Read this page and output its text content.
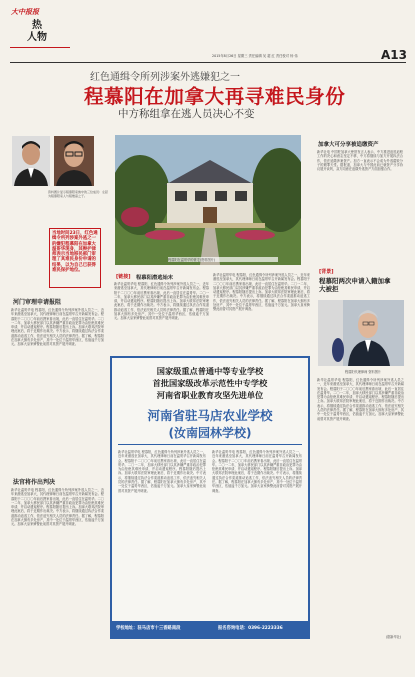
大中报报
热
人物
2015年8月26日 星期三 责任编辑 吴 超 红 责任校对 杨 伟	A13
红色通缉令所列涉案外逃嫌犯之一
程慕阳在加拿大再寻难民身份
中方称组拿在逃人员决心不变
资料图片显示程慕阳家族中的三位成员：左起为程慕阳家人与程维高之子。
当地时间23日，红色通缉令所列涉案外逃之一的嫌犯程慕阳在加拿大温哥华现身，其辩护律师表示当地移民部门审理了其难民身份申请的结果，以为自己已获得难民保护地位。
程慕阳在温哥华的豪宅(资料图片)
加拿大可分享被追缴资产
新华社电 中国驻加拿大使馆发言人表示，中方推进追逃追赃工作的决心和意志坚定不移，中方将继续与加方开展执法合作，依法追缴涉案资产。加方一直表示不会成为外逃腐败分子的避罪天堂。据报道，加拿大与中国此前已就资产分享协议展开谈判，双方同意在追缴外逃资产方面加强合作。
[背景]
程慕阳两次申请入籍加拿大被拒
程慕阳代理律师 资料图片
新华社温哥华电 程慕阳，红色通缉令所列涉案外逃人员之一，近年来潜逃至加拿大，其代理律师日前在温哥华召开新闻发布会。程慕阳于二〇〇〇年前后携家眷出境，此后一直居住在温哥华。二〇一二年，加拿大移民部门以其涉嫌严重非政治犯罪为由拒绝其难民申请，并启动遣返程序。程慕阳随后提出上诉。加拿大联邦法院审理此案后，将于近期作出裁决。中方表示，将继续通过执法合作渠道推动追逃工作，依法追究相关人员的法律责任。据了解，程慕阳在加拿大拥有多处房产，其中一处位于温哥华西区，估值逾千万加元。加拿大皇家骑警此前曾对其资产展开调查。
(据新华社)
河门审理申请报阻
新华社温哥华电 程慕阳，红色通缉令所列涉案外逃人员之一，近年来潜逃至加拿大，其代理律师日前在温哥华召开新闻发布会。程慕阳于二〇〇〇年前后携家眷出境，此后一直居住在温哥华。二〇一二年，加拿大移民部门以其涉嫌严重非政治犯罪为由拒绝其难民申请，并启动遣返程序。程慕阳随后提出上诉。加拿大联邦法院审理此案后，将于近期作出裁决。中方表示，将继续通过执法合作渠道推动追逃工作，依法追究相关人员的法律责任。据了解，程慕阳在加拿大拥有多处房产，其中一处位于温哥华西区，估值逾千万加元。加拿大皇家骑警此前曾对其资产展开调查。
法官将作出判决
新华社温哥华电 程慕阳，红色通缉令所列涉案外逃人员之一，近年来潜逃至加拿大，其代理律师日前在温哥华召开新闻发布会。程慕阳于二〇〇〇年前后携家眷出境，此后一直居住在温哥华。二〇一二年，加拿大移民部门以其涉嫌严重非政治犯罪为由拒绝其难民申请，并启动遣返程序。程慕阳随后提出上诉。加拿大联邦法院审理此案后，将于近期作出裁决。中方表示，将继续通过执法合作渠道推动追逃工作，依法追究相关人员的法律责任。据了解，程慕阳在加拿大拥有多处房产，其中一处位于温哥华西区，估值逾千万加元。加拿大皇家骑警此前曾对其资产展开调查。
[链接] 程慕阳潜逃始末
新华社温哥华电 程慕阳，红色通缉令所列涉案外逃人员之一，近年来潜逃至加拿大，其代理律师日前在温哥华召开新闻发布会。程慕阳于二〇〇〇年前后携家眷出境，此后一直居住在温哥华。二〇一二年，加拿大移民部门以其涉嫌严重非政治犯罪为由拒绝其难民申请，并启动遣返程序。程慕阳随后提出上诉。加拿大联邦法院审理此案后，将于近期作出裁决。中方表示，将继续通过执法合作渠道推动追逃工作，依法追究相关人员的法律责任。据了解，程慕阳在加拿大拥有多处房产，其中一处位于温哥华西区，估值逾千万加元。加拿大皇家骑警此前曾对其资产展开调查。
新华社温哥华电 程慕阳，红色通缉令所列涉案外逃人员之一，近年来潜逃至加拿大，其代理律师日前在温哥华召开新闻发布会。程慕阳于二〇〇〇年前后携家眷出境，此后一直居住在温哥华。二〇一二年，加拿大移民部门以其涉嫌严重非政治犯罪为由拒绝其难民申请，并启动遣返程序。程慕阳随后提出上诉。加拿大联邦法院审理此案后，将于近期作出裁决。中方表示，将继续通过执法合作渠道推动追逃工作，依法追究相关人员的法律责任。据了解，程慕阳在加拿大拥有多处房产，其中一处位于温哥华西区，估值逾千万加元。加拿大皇家骑警此前曾对其资产展开调查。
国家级重点普通中等专业学校
首批国家级改革示范性中专学校
河南省职业教育攻坚先进单位
河南省驻马店农业学校
(汝南园林学校)
新华社温哥华电 程慕阳，红色通缉令所列涉案外逃人员之一，近年来潜逃至加拿大，其代理律师日前在温哥华召开新闻发布会。程慕阳于二〇〇〇年前后携家眷出境，此后一直居住在温哥华。二〇一二年，加拿大移民部门以其涉嫌严重非政治犯罪为由拒绝其难民申请，并启动遣返程序。程慕阳随后提出上诉。加拿大联邦法院审理此案后，将于近期作出裁决。中方表示，将继续通过执法合作渠道推动追逃工作，依法追究相关人员的法律责任。据了解，程慕阳在加拿大拥有多处房产，其中一处位于温哥华西区，估值逾千万加元。加拿大皇家骑警此前曾对其资产展开调查。
新华社温哥华电 程慕阳，红色通缉令所列涉案外逃人员之一，近年来潜逃至加拿大，其代理律师日前在温哥华召开新闻发布会。程慕阳于二〇〇〇年前后携家眷出境，此后一直居住在温哥华。二〇一二年，加拿大移民部门以其涉嫌严重非政治犯罪为由拒绝其难民申请，并启动遣返程序。程慕阳随后提出上诉。加拿大联邦法院审理此案后，将于近期作出裁决。中方表示，将继续通过执法合作渠道推动追逃工作，依法追究相关人员的法律责任。据了解，程慕阳在加拿大拥有多处房产，其中一处位于温哥华西区，估值逾千万加元。加拿大皇家骑警此前曾对其资产展开调查。
学校地址：驻马店市十三香路南段	报名咨询电话：0396-2223336
